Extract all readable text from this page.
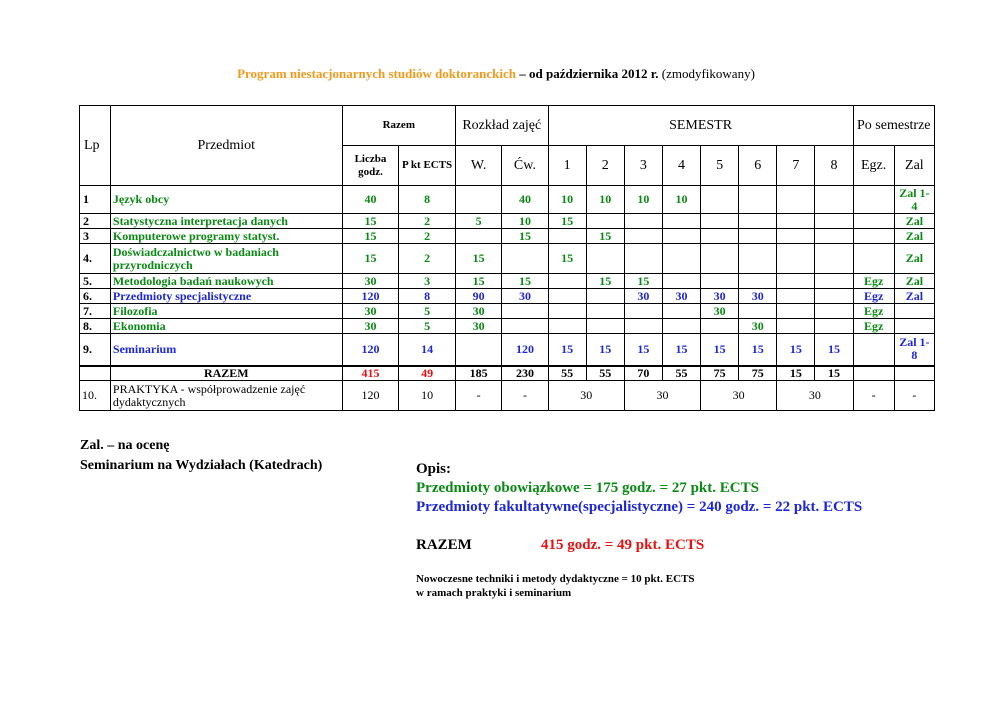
Program niestacjonarnych studiów doktoranckich – od października 2012 r. (zmodyfikowany)
Lp	Przedmiot	Razem		Rozkład zajęć		SEMESTR								Po semestrze	
		Liczba godz.	P kt ECTS	W.	Ćw.	1	2	3	4	5	6	7	8	Egz.	Zal
1	Język obcy	40	8		40	10	10	10	10						Zal 1-4
2	Statystyczna interpretacja danych	15	2	5	10	15									Zal
3	Komputerowe programy statyst.	15	2		15		15								Zal
4.	Doświadczalnictwo w badaniach przyrodniczych	15	2	15		15									Zal
5.	Metodologia badań naukowych	30	3	15	15		15	15						Egz	Zal
6.	Przedmioty specjalistyczne	120	8	90	30			30	30	30	30			Egz	Zal
7.	Filozofia	30	5	30						30				Egz	
8.	Ekonomia	30	5	30							30			Egz	
9.	Seminarium	120	14		120	15	15	15	15	15	15	15	15		Zal 1-8
	RAZEM	415	49	185	230	55	55	70	55	75	75	15	15		
10.	PRAKTYKA - współprowadzenie zajęć dydaktycznych	120	10	-	-	30		30		30		30		-	-
Zal. – na ocenę
Seminarium na Wydziałach (Katedrach)	Opis:
Przedmioty obowiązkowe = 175 godz. = 27 pkt. ECTS
Przedmioty fakultatywne(specjalistyczne) = 240 godz. = 22 pkt. ECTS
RAZEM	415 godz. = 49 pkt. ECTS
Nowoczesne techniki i metody dydaktyczne = 10 pkt. ECTS
w ramach praktyki i seminarium
